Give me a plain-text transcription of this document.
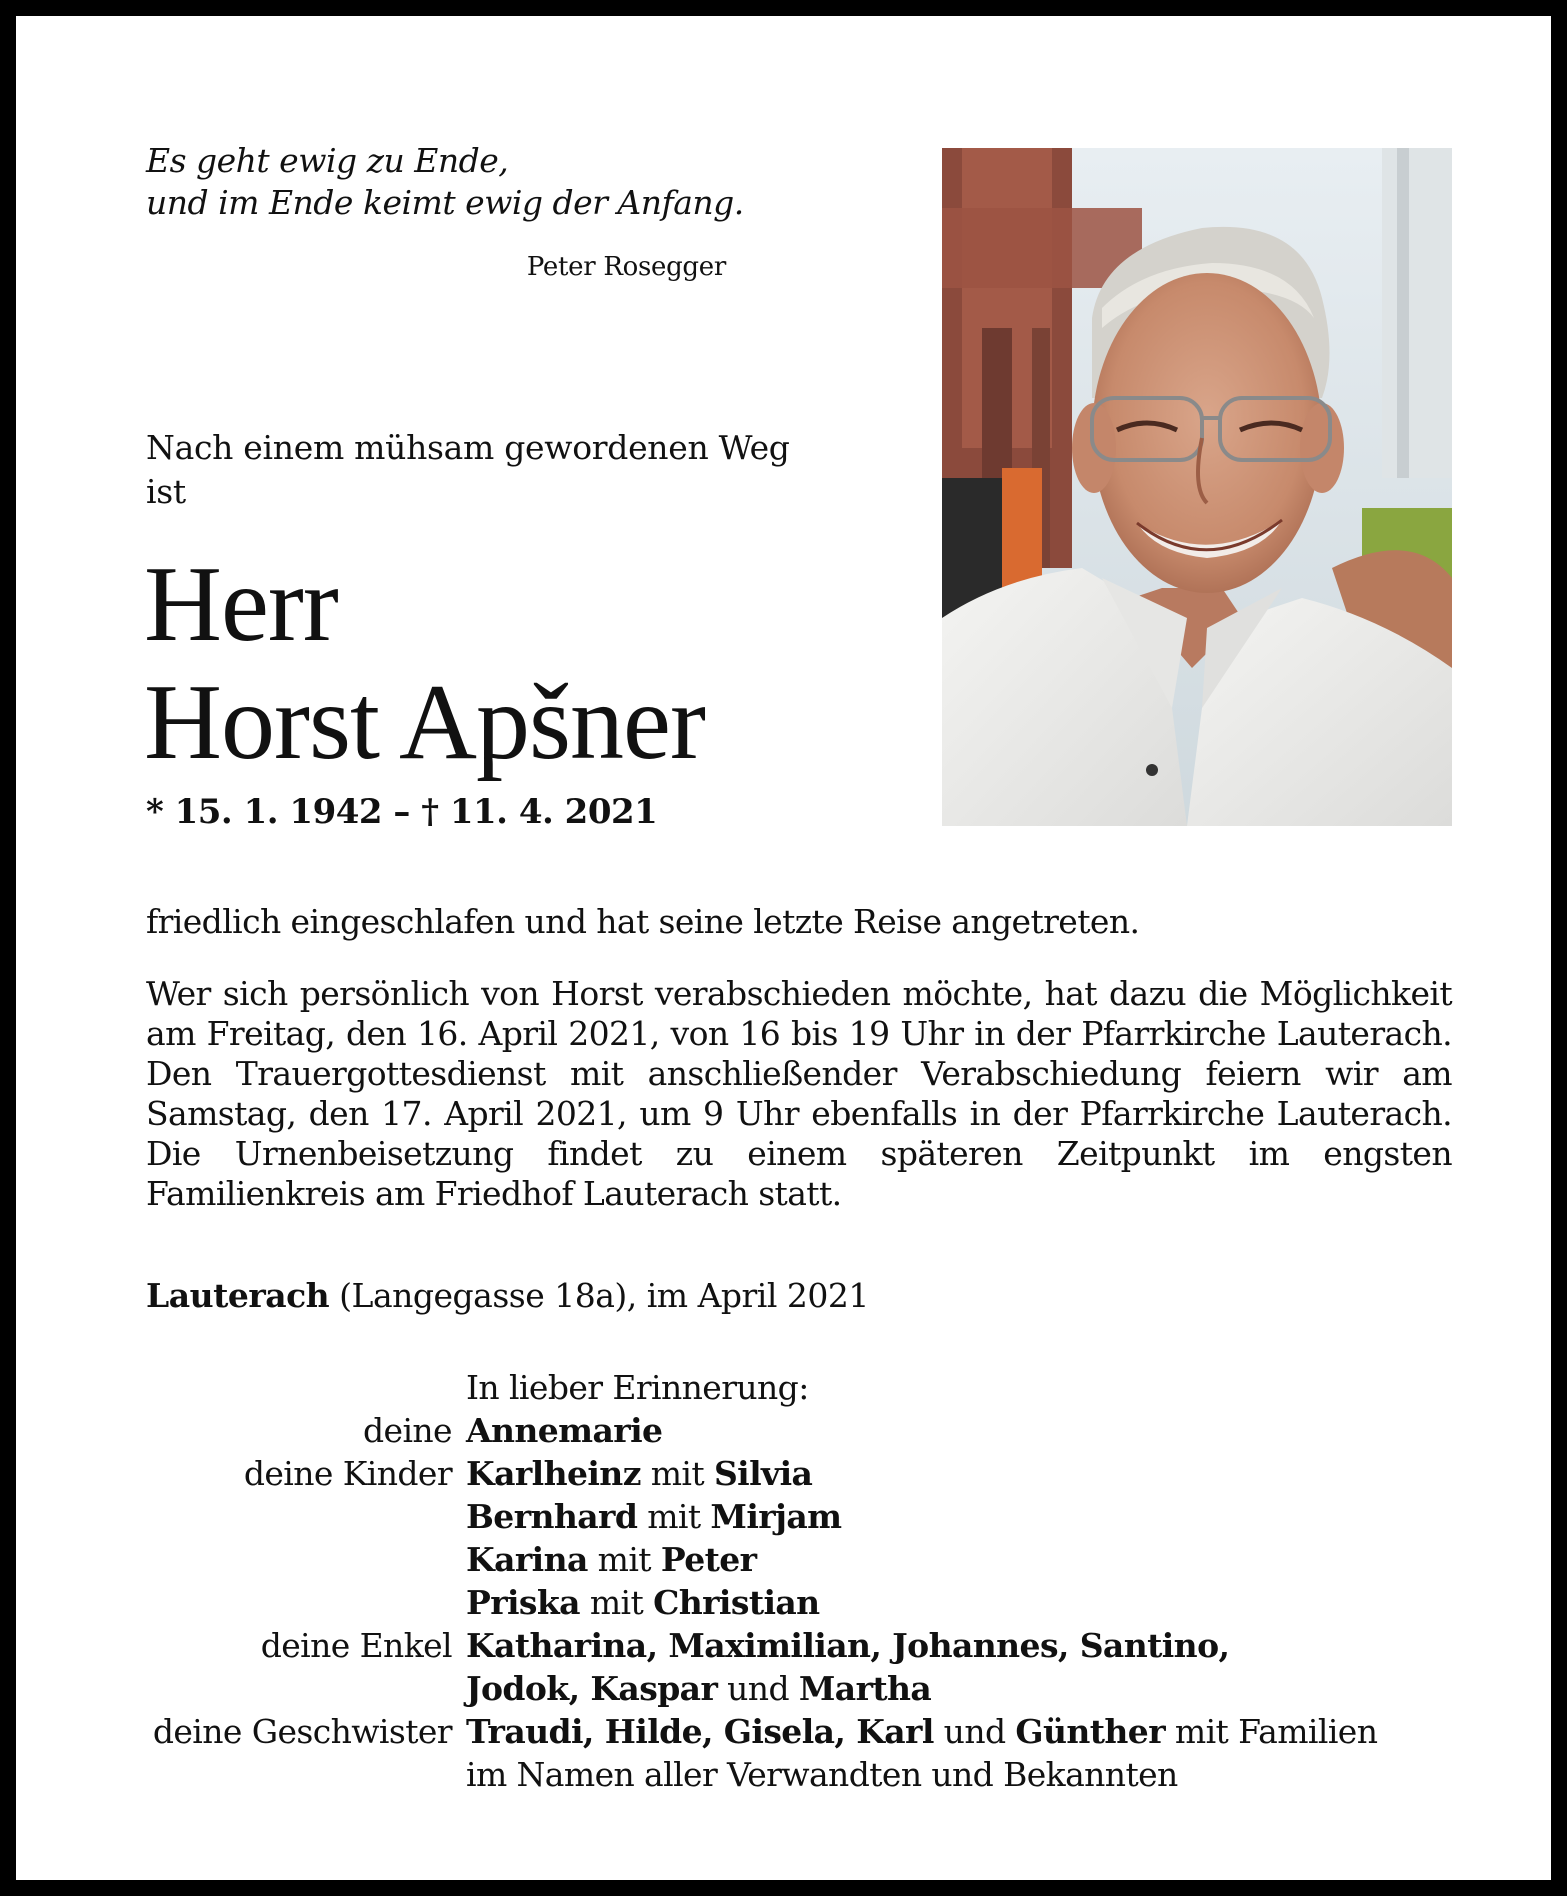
Es geht ewig zu Ende,
und im Ende keimt ewig der Anfang.
Peter Rosegger
Nach einem mühsam gewordenen Weg
ist
Herr
Horst Apšner
* 15. 1. 1942 – † 11. 4. 2021
friedlich eingeschlafen und hat seine letzte Reise angetreten.
Wer sich persönlich von Horst verabschieden möchte, hat dazu die Möglichkeit am Freitag, den 16. April 2021, von 16 bis 19 Uhr in der Pfarrkirche Lauterach. Den Trauergottesdienst mit anschließender Verabschiedung feiern wir am Samstag, den 17. April 2021, um 9 Uhr ebenfalls in der Pfarrkirche Lauterach. Die Urnenbeisetzung findet zu einem späteren Zeitpunkt im engsten Familienkreis am Friedhof Lauterach statt.
Lauterach (Langegasse 18a), im April 2021
In lieber Erinnerung:
deine Annemarie
deine Kinder Karlheinz mit Silvia
Bernhard mit Mirjam
Karina mit Peter
Priska mit Christian
deine Enkel Katharina, Maximilian, Johannes, Santino,
Jodok, Kaspar und Martha
deine Geschwister Traudi, Hilde, Gisela, Karl und Günther mit Familien
im Namen aller Verwandten und Bekannten
